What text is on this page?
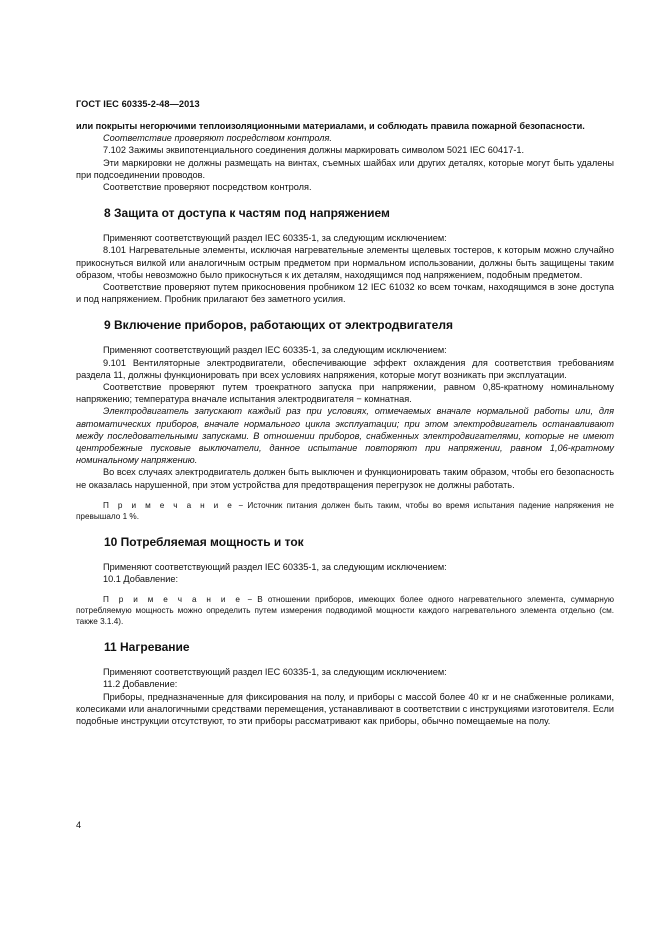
ГОСТ IEC 60335-2-48—2013

или покрыты негорючими теплоизоляционными материалами, и соблюдать правила пожарной безопасности.

Соответствие проверяют посредством контроля.

7.102 Зажимы эквипотенциального соединения должны маркировать символом 5021 IEC 60417-1.

Эти маркировки не должны размещать на винтах, съемных шайбах или других деталях, которые могут быть удалены при подсоединении проводов.

Соответствие проверяют посредством контроля.

8 Защита от доступа к частям под напряжением

Применяют соответствующий раздел IEC 60335-1, за следующим исключением:

8.101 Нагревательные элементы, исключая нагревательные элементы щелевых тостеров, к которым можно случайно прикоснуться вилкой или аналогичным острым предметом при нормальном использовании, должны быть защищены таким образом, чтобы невозможно было прикоснуться к их деталям, находящимся под напряжением, подобным предметом.

Соответствие проверяют путем прикосновения пробником 12 IEC 61032 ко всем точкам, находящимся в зоне доступа и под напряжением. Пробник прилагают без заметного усилия.

9 Включение приборов, работающих от электродвигателя

Применяют соответствующий раздел IEC 60335-1, за следующим исключением:

9.101 Вентиляторные электродвигатели, обеспечивающие эффект охлаждения для соответствия требованиям раздела 11, должны функционировать при всех условиях напряжения, которые могут возникать при эксплуатации.

Соответствие проверяют путем троекратного запуска при напряжении, равном 0,85-кратному номинальному напряжению; температура вначале испытания электродвигателя − комнатная.

Электродвигатель запускают каждый раз при условиях, отмечаемых вначале нормальной работы или, для автоматических приборов, вначале нормального цикла эксплуатации; при этом электродвигатель останавливают между последовательными запусками. В отношении приборов, снабженных электродвигателями, которые не имеют центробежные пусковые выключатели, данное испытание повторяют при напряжении, равном 1,06-кратному номинальному напряжению.

Во всех случаях электродвигатель должен быть выключен и функционировать таким образом, чтобы его безопасность не оказалась нарушенной, при этом устройства для предотвращения перегрузок не должны работать.

П р и м е ч а н и е − Источник питания должен быть таким, чтобы во время испытания падение напряжения не превышало 1 %.

10 Потребляемая мощность и ток

Применяют соответствующий раздел IEC 60335-1, за следующим исключением:

10.1 Добавление:

П р и м е ч а н и е − В отношении приборов, имеющих более одного нагревательного элемента, суммарную потребляемую мощность можно определить путем измерения подводимой мощности каждого нагревательного элемента отдельно (см. также 3.1.4).

11 Нагревание

Применяют соответствующий раздел IEC 60335-1, за следующим исключением:

11.2 Добавление:

Приборы, предназначенные для фиксирования на полу, и приборы с массой более 40 кг и не снабженные роликами, колесиками или аналогичными средствами перемещения, устанавливают в соответствии с инструкциями изготовителя. Если подобные инструкции отсутствуют, то эти приборы рассматривают как приборы, обычно помещаемые на полу.

4
